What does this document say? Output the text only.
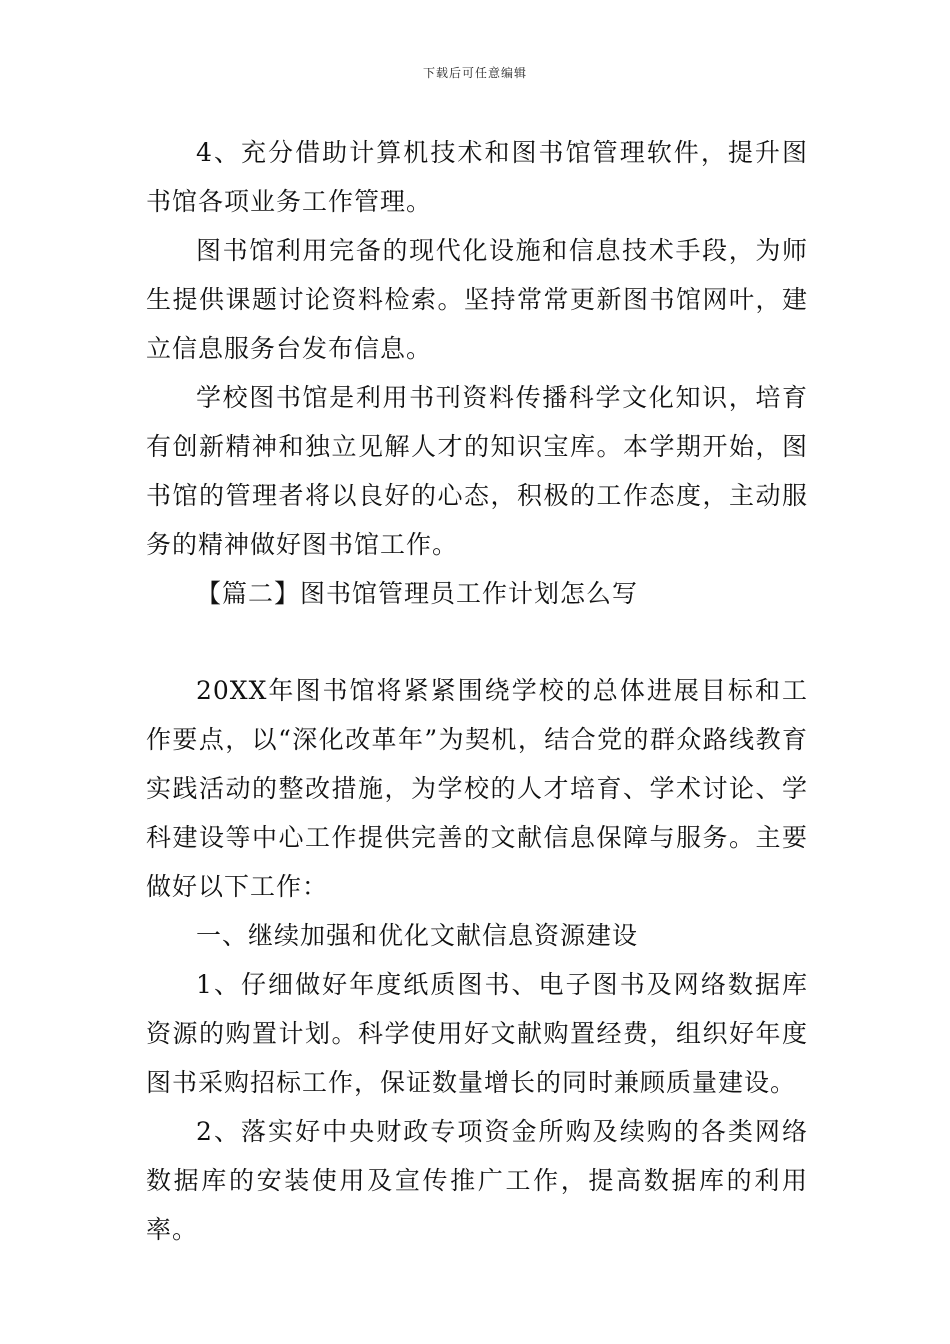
下载后可任意编辑

4、充分借助计算机技术和图书馆管理软件，提升图书馆各项业务工作管理。

图书馆利用完备的现代化设施和信息技术手段，为师生提供课题讨论资料检索。坚持常常更新图书馆网叶，建立信息服务台发布信息。

学校图书馆是利用书刊资料传播科学文化知识，培育有创新精神和独立见解人才的知识宝库。本学期开始，图书馆的管理者将以良好的心态，积极的工作态度，主动服务的精神做好图书馆工作。

【篇二】图书馆管理员工作计划怎么写

20XX年图书馆将紧紧围绕学校的总体进展目标和工作要点，以“深化改革年”为契机，结合党的群众路线教育实践活动的整改措施，为学校的人才培育、学术讨论、学科建设等中心工作提供完善的文献信息保障与服务。主要做好以下工作：

一、继续加强和优化文献信息资源建设

1、仔细做好年度纸质图书、电子图书及网络数据库资源的购置计划。科学使用好文献购置经费，组织好年度图书采购招标工作，保证数量增长的同时兼顾质量建设。

2、落实好中央财政专项资金所购及续购的各类网络数据库的安装使用及宣传推广工作，提高数据库的利用率。
